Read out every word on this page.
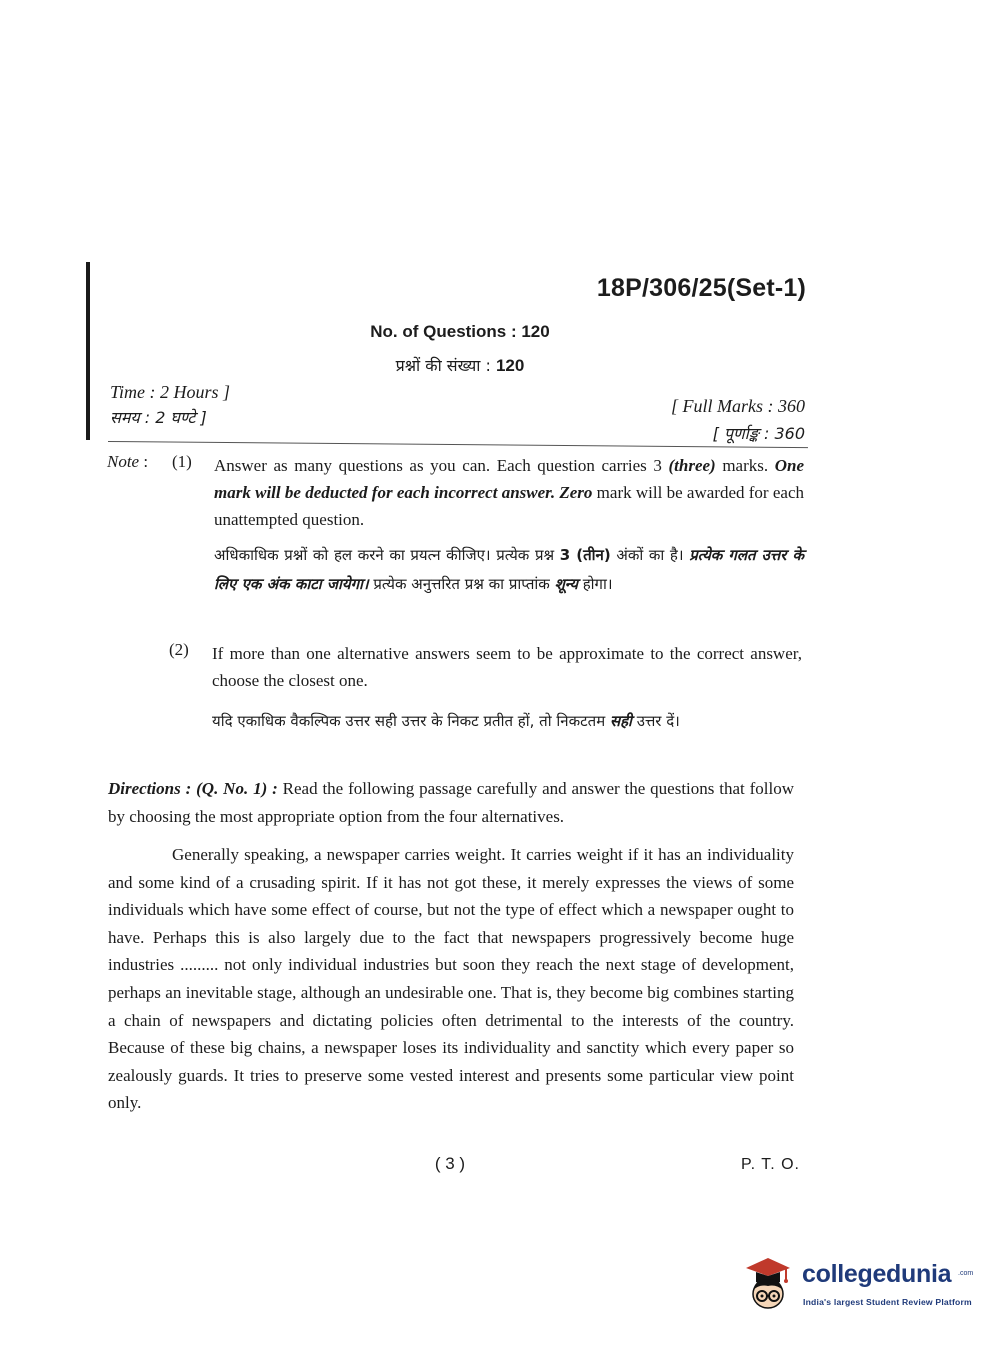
18P/306/25(Set-1)
No. of Questions : 120
प्रश्नों की संख्या : 120
Time : 2 Hours ]
समय : 2 घण्टे ]
[ Full Marks : 360
[ पूर्णाङ्क : 360
Note : (1) Answer as many questions as you can. Each question carries 3 (three) marks. One mark will be deducted for each incorrect answer. Zero mark will be awarded for each unattempted question.
अधिकाधिक प्रश्नों को हल करने का प्रयत्न कीजिए। प्रत्येक प्रश्न 3 (तीन) अंकों का है। प्रत्येक गलत उत्तर के लिए एक अंक काटा जायेगा। प्रत्येक अनुत्तरित प्रश्न का प्राप्तांक शून्य होगा।
(2) If more than one alternative answers seem to be approximate to the correct answer, choose the closest one.
यदि एकाधिक वैकल्पिक उत्तर सही उत्तर के निकट प्रतीत हों, तो निकटतम सही उत्तर दें।
Directions : (Q. No. 1) : Read the following passage carefully and answer the questions that follow by choosing the most appropriate option from the four alternatives.
Generally speaking, a newspaper carries weight. It carries weight if it has an individuality and some kind of a crusading spirit. If it has not got these, it merely expresses the views of some individuals which have some effect of course, but not the type of effect which a newspaper ought to have. Perhaps this is also largely due to the fact that newspapers progressively become huge industries ......... not only individual industries but soon they reach the next stage of development, perhaps an inevitable stage, although an undesirable one. That is, they become big combines starting a chain of newspapers and dictating policies often detrimental to the interests of the country. Because of these big chains, a newspaper loses its individuality and sanctity which every paper so zealously guards. It tries to preserve some vested interest and presents some particular view point only.
( 3 )	P. T. O.
collegedunia .com
India's largest Student Review Platform
